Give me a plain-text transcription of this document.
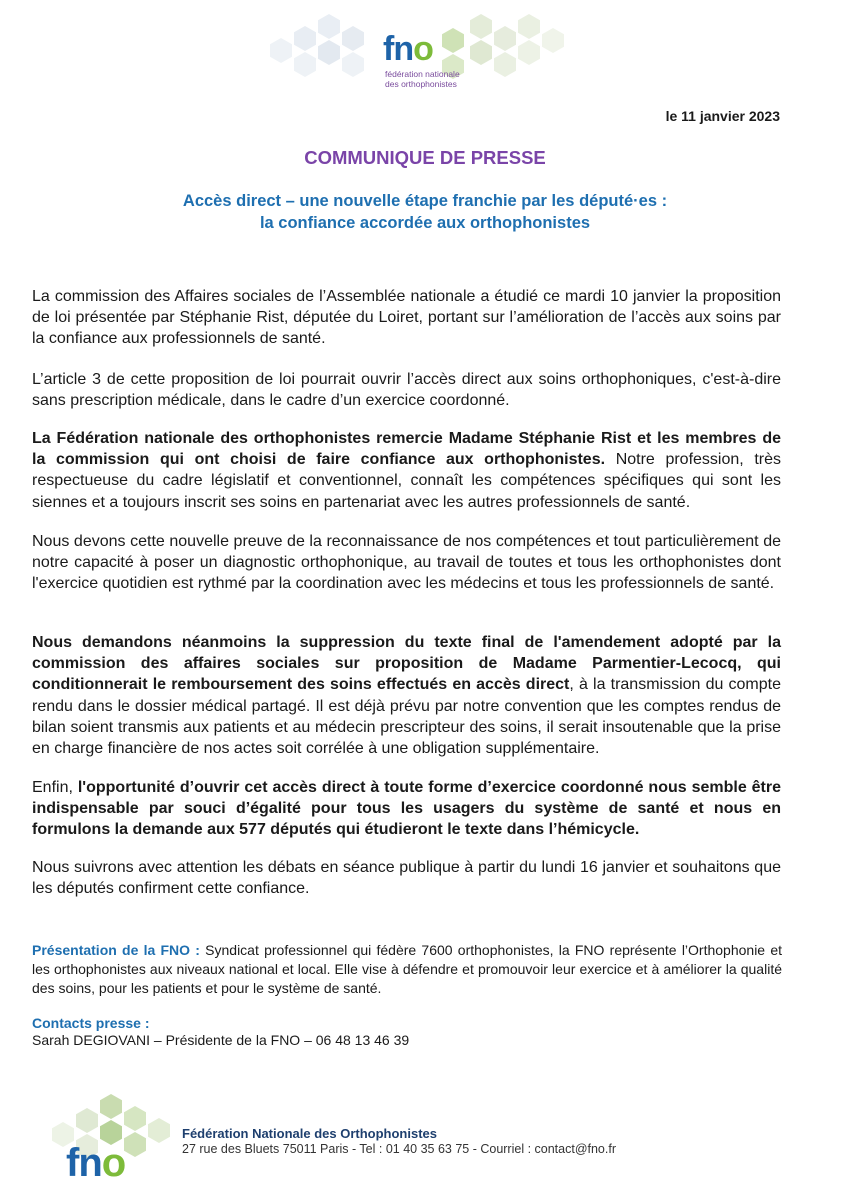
fno
fédération nationale des orthophonistes
le 11 janvier 2023
COMMUNIQUE DE PRESSE
Accès direct – une nouvelle étape franchie par les député·es :
la confiance accordée aux orthophonistes
La commission des Affaires sociales de l’Assemblée nationale a étudié ce mardi 10 janvier la proposition de loi présentée par Stéphanie Rist, députée du Loiret, portant sur l’amélioration de l’accès aux soins par la confiance aux professionnels de santé.
L’article 3 de cette proposition de loi pourrait ouvrir l’accès direct aux soins orthophoniques, c'est-à-dire sans prescription médicale, dans le cadre d’un exercice coordonné.
La Fédération nationale des orthophonistes remercie Madame Stéphanie Rist et les membres de la commission qui ont choisi de faire confiance aux orthophonistes. Notre profession, très respectueuse du cadre législatif et conventionnel, connaît les compétences spécifiques qui sont les siennes et a toujours inscrit ses soins en partenariat avec les autres professionnels de santé.
Nous devons cette nouvelle preuve de la reconnaissance de nos compétences et tout particulièrement de notre capacité à poser un diagnostic orthophonique, au travail de toutes et tous les orthophonistes dont l'exercice quotidien est rythmé par la coordination avec les médecins et tous les professionnels de santé.
Nous demandons néanmoins la suppression du texte final de l'amendement adopté par la commission des affaires sociales sur proposition de Madame Parmentier-Lecocq, qui conditionnerait le remboursement des soins effectués en accès direct, à la transmission du compte rendu dans le dossier médical partagé. Il est déjà prévu par notre convention que les comptes rendus de bilan soient transmis aux patients et au médecin prescripteur des soins, il serait insoutenable que la prise en charge financière de nos actes soit corrélée à une obligation supplémentaire.
Enfin, l'opportunité d’ouvrir cet accès direct à toute forme d’exercice coordonné nous semble être indispensable par souci d’égalité pour tous les usagers du système de santé et nous en formulons la demande aux 577 députés qui étudieront le texte dans l’hémicycle.
Nous suivrons avec attention les débats en séance publique à partir du lundi 16 janvier et souhaitons que les députés confirment cette confiance.
Présentation de la FNO : Syndicat professionnel qui fédère 7600 orthophonistes, la FNO représente l’Orthophonie et les orthophonistes aux niveaux national et local. Elle vise à défendre et promouvoir leur exercice et à améliorer la qualité des soins, pour les patients et pour le système de santé.
Contacts presse :
Sarah DEGIOVANI – Présidente de la FNO – 06 48 13 46 39
fno
Fédération Nationale des Orthophonistes
27 rue des Bluets 75011 Paris - Tel : 01 40 35 63 75 - Courriel : contact@fno.fr
